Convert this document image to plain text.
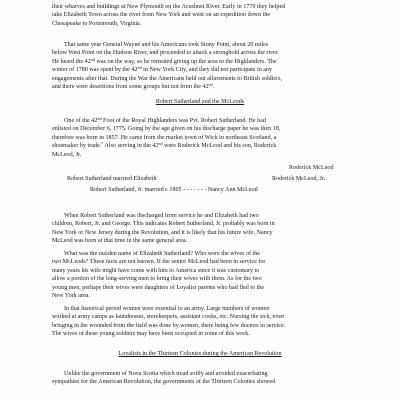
their wharves and buildings at New Plymouth on the Acushnet River. Early in 1779 they helped
take Elizabeth Town across the river from New York and went on an expedition down the
Chesapeake to Portsmouth, Virginia.
That same year General Wayne and his Americans took Stony Point, about 20 miles
below West Point on the Hudson River, and proceeded to attack a stronghold across the river.
He heard the 42nd was on the way, so he retreated giving up the area to the Highlanders. The
winter of 1780 was spent by the 42nd in New York City, and they did not participate in any
engagements after that. During the War the Americans held out allurements to British soldiers,
and there were desertions from some groups but not from the 42nd.
Robert Sutherland and the McLeods
One of the 42nd Foot of the Royal Highlanders was Pvt. Robert Sutherland. He had
enlisted on December 6, 1775. Going by the age given on his discharge paper he was then 18,
therefore was born in 1857. He came from the market town of Wick in northeast Scotland, a
shoemaker by trade.* Also serving in the 42nd were Roderick McLeod and his son, Roderick
McLeod, Jr.
Roderick McLeod
Robert Sutherland married Elizabeth	Roderick McLeod, Jr.
Robert Sutherland, Jr. married c 1805 - - - - - - - Nancy Ann McLeod
When Robert Sutherland was discharged from service he and Elizabeth had two
children, Robert, Jr. and George. This indicates Robert Sutherland, Jr. probably was born in
New York or New Jersey during the Revolution, and it is likely that his future wife, Nancy
McLeod was born at that time in the same general area.
What was the maiden name of Elizabeth Sutherland? Who were the wives of the
two McLeods? These facts are not known. If the senior McLeod had been in service for
many years his wife might have come with him to America since it was customary to
allow a portion of the long-serving men to bring their wives with them. As for the two
young men, perhaps their wives were daughters of Loyalist parents who had fled to the
New York area.
In that historical period women were essential to an army. Large numbers of women
worked at army camps as laundresses, storekeepers, assistant cooks, etc. Nursing the sick, even
bringing in the wounded from the field was done by women, there being few doctors in service.
The wives of these young soldiers may have been occupied in some of this work.
Loyalists in the Thirteen Colonies during the American Revolution
Unlike the government of Nova Scotia which tread softly and avoided exacerbating
sympathies for the American Revolution, the governments of the Thirteen Colonies showed
